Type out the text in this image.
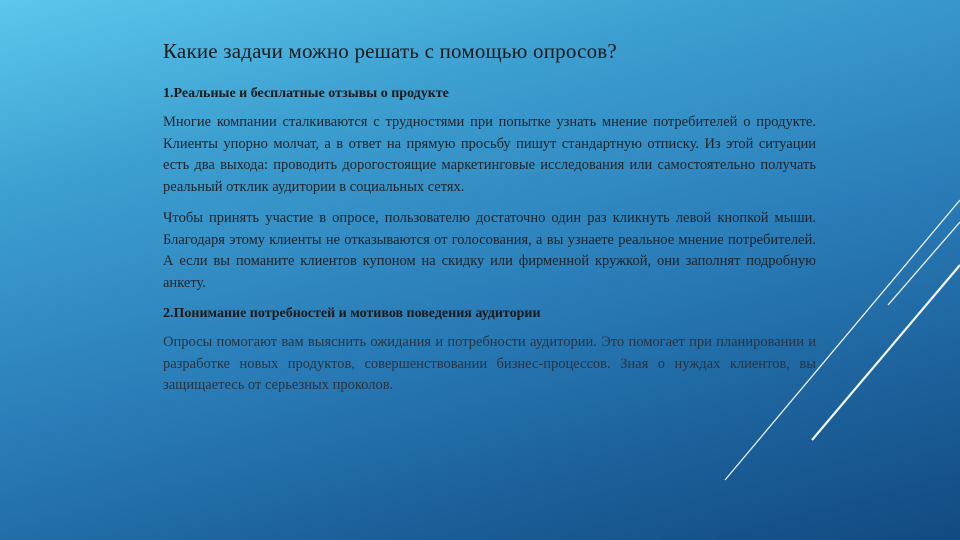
Какие задачи можно решать с помощью опросов?
1.Реальные и бесплатные отзывы о продукте

Многие компании сталкиваются с трудностями при попытке узнать мнение потребителей о продукте. Клиенты упорно молчат, а в ответ на прямую просьбу пишут стандартную отписку. Из этой ситуации есть два выхода: проводить дорогостоящие маркетинговые исследования или самостоятельно получать реальный отклик аудитории в социальных сетях.

Чтобы принять участие в опросе, пользователю достаточно один раз кликнуть левой кнопкой мыши. Благодаря этому клиенты не отказываются от голосования, а вы узнаете реальное мнение потребителей. А если вы поманите клиентов купоном на скидку или фирменной кружкой, они заполнят подробную анкету.

2.Понимание потребностей и мотивов поведения аудитории

Опросы помогают вам выяснить ожидания и потребности аудитории. Это помогает при планировании и разработке новых продуктов, совершенствовании бизнес-процессов. Зная о нуждах клиентов, вы защищаетесь от серьезных проколов.
